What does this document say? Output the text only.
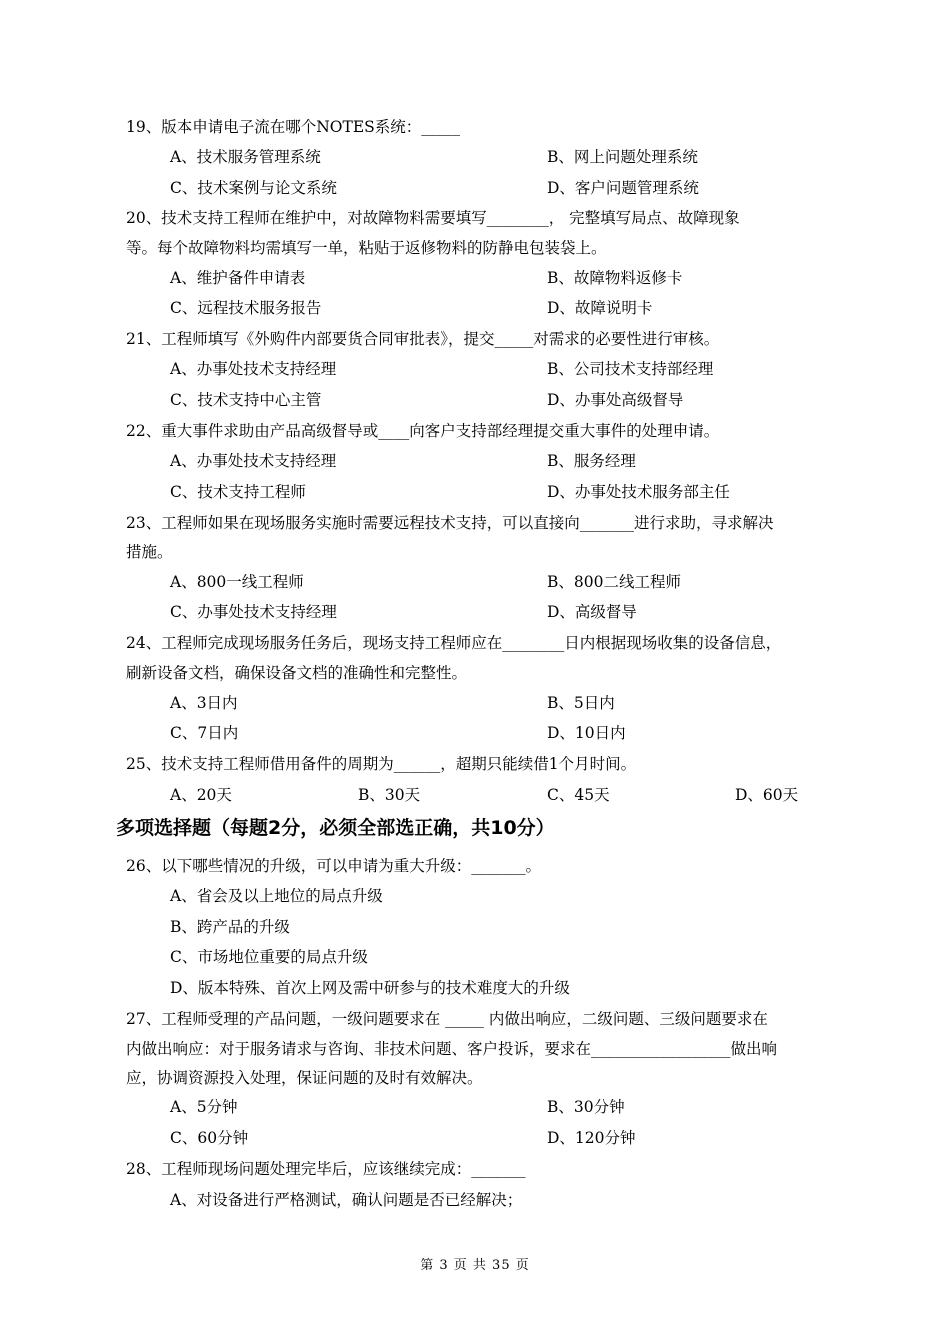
19、版本申请电子流在哪个NOTES系统：_____
A、技术服务管理系统	B、网上问题处理系统
C、技术案例与论文系统	D、客户问题管理系统
20、技术支持工程师在维护中，对故障物料需要填写________， 完整填写局点、故障现象
等。每个故障物料均需填写一单，粘贴于返修物料的防静电包装袋上。
A、维护备件申请表	B、故障物料返修卡
C、远程技术服务报告	D、故障说明卡
21、工程师填写《外购件内部要货合同审批表》，提交_____对需求的必要性进行审核。
A、办事处技术支持经理	B、公司技术支持部经理
C、技术支持中心主管	D、办事处高级督导
22、重大事件求助由产品高级督导或____向客户支持部经理提交重大事件的处理申请。
A、办事处技术支持经理	B、服务经理
C、技术支持工程师	D、办事处技术服务部主任
23、工程师如果在现场服务实施时需要远程技术支持，可以直接向_______进行求助，寻求解决
措施。
A、800一线工程师	B、800二线工程师
C、办事处技术支持经理	D、高级督导
24、工程师完成现场服务任务后，现场支持工程师应在________日内根据现场收集的设备信息，
刷新设备文档，确保设备文档的准确性和完整性。
A、3日内	B、5日内
C、7日内	D、10日内
25、技术支持工程师借用备件的周期为______，超期只能续借1个月时间。
A、20天	B、30天	C、45天	D、60天
多项选择题（每题2分，必须全部选正确，共10分）
26、以下哪些情况的升级，可以申请为重大升级：_______。
A、省会及以上地位的局点升级
B、跨产品的升级
C、市场地位重要的局点升级
D、版本特殊、首次上网及需中研参与的技术难度大的升级
27、工程师受理的产品问题，一级问题要求在 _____ 内做出响应，二级问题、三级问题要求在
内做出响应：对于服务请求与咨询、非技术问题、客户投诉，要求在__________________做出响
应，协调资源投入处理，保证问题的及时有效解决。
A、5分钟	B、30分钟
C、60分钟	D、120分钟
28、工程师现场问题处理完毕后，应该继续完成：_______
A、对设备进行严格测试，确认问题是否已经解决；
第 3 页 共 35 页
